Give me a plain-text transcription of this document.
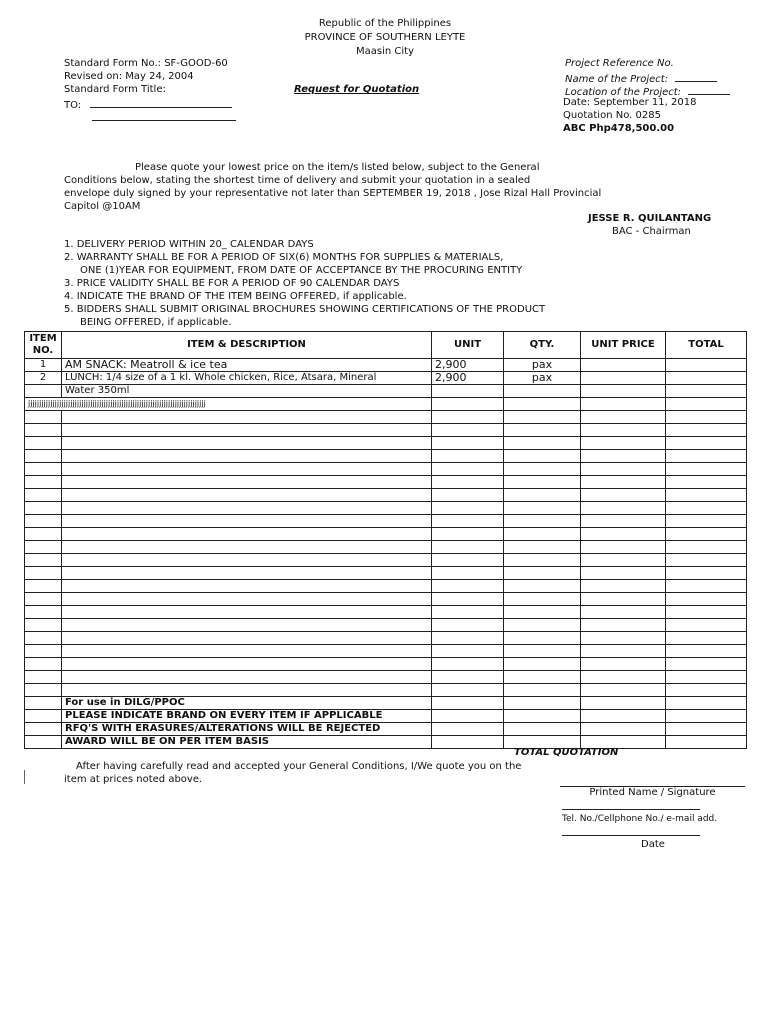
Republic of the Philippines
PROVINCE OF SOUTHERN LEYTE
Maasin City
Standard Form No.: SF-GOOD-60
Revised on: May 24, 2004
Standard Form Title:
TO:
Request for Quotation
Project Reference No.
Name of the Project:
Location of the Project:
Date: September 11, 2018
Quotation No. 0285
ABC Php478,500.00
Please quote your lowest price on the item/s listed below, subject to the General
Conditions below, stating the shortest time of delivery and submit your quotation in a sealed
envelope duly signed by your representative not later than SEPTEMBER 19, 2018 , Jose Rizal Hall Provincial
Capitol @10AM
JESSE R. QUILANTANG
BAC - Chairman
1. DELIVERY PERIOD WITHIN 20_ CALENDAR DAYS
2. WARRANTY SHALL BE FOR A PERIOD OF SIX(6) MONTHS FOR SUPPLIES & MATERIALS,
ONE (1)YEAR FOR EQUIPMENT, FROM DATE OF ACCEPTANCE BY THE PROCURING ENTITY
3. PRICE VALIDITY SHALL BE FOR A PERIOD OF 90 CALENDAR DAYS
4. INDICATE THE BRAND OF THE ITEM BEING OFFERED, if applicable.
5. BIDDERS SHALL SUBMIT ORIGINAL BROCHURES SHOWING CERTIFICATIONS OF THE PRODUCT
BEING OFFERED, if applicable.
ITEM NO.	ITEM & DESCRIPTION	UNIT	QTY.	UNIT PRICE	TOTAL
1	AM SNACK: Meatroll & ice tea	2,900	pax		
2	LUNCH: 1/4 size of a 1 kl. Whole chicken, Rice, Atsara, Mineral	2,900	pax		
	Water 350ml				
jjjjjjjjjjjjjjjjjjjjjjjjjjjjjjjjjjjjjjjjjjjjjjjjjjjjjjjjjjjjjjjjjjjjjjjjjjjjjjjj					

	For use in DILG/PPOC				
	PLEASE INDICATE BRAND ON EVERY ITEM IF APPLICABLE				
	RFQ'S WITH ERASURES/ALTERATIONS WILL BE REJECTED				
	AWARD WILL BE ON PER ITEM BASIS				
TOTAL QUOTATION
After having carefully read and accepted your General Conditions, I/We quote you on the
item at prices noted above.
Printed Name / Signature
Tel. No./Cellphone No./ e-mail add.
Date
